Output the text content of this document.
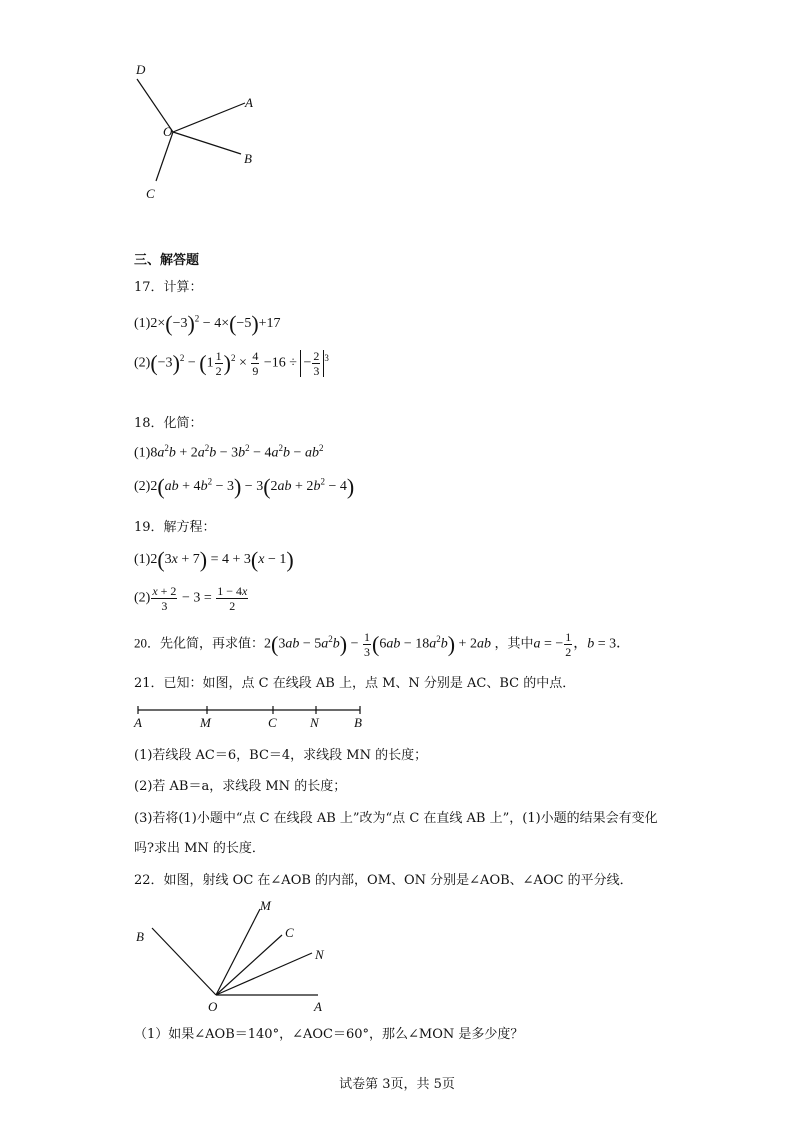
D
A
O
B
C
三、解答题
17．计算：
$(1)2\times(-3)^2 - 4\times(-5)+17$
$(2)(-3)^2 - (1 \frac{1}{2} )^2 \times \frac{4}{9} -16$ ÷ − $\frac{2}{3} ^3$
18．化简：
$(1)8a^2b + 2a^2b - 3b^2 - 4a^2b - ab^2$
$(2)2(ab + 4b^2 - 3) - 3(2ab + 2b^2 - 4)$
19．解方程：
(1)2(3x + 7) = 4 + 3(x − 1)
$(2) \frac{x + 2}{3} - 3 = \frac{1 - 4x}{2}$
20．先化简，再求值：$2(3ab - 5a^2b) - \frac{1}{3} (6ab - 18a^2b) + 2ab$ ，其中a = − $\frac{1}{2}$ ，b = 3．
21．已知：如图，点 C 在线段 AB 上，点 M、N 分别是 AC、BC 的中点．
A	M	C	N	B
(1)若线段 AC＝6，BC＝4，求线段 MN 的长度；
(2)若 AB＝a，求线段 MN 的长度；
(3)若将(1)小题中“点 C 在线段 AB 上”改为“点 C 在直线 AB 上”，(1)小题的结果会有变化
吗?求出 MN 的长度．
22．如图，射线 OC 在∠AOB 的内部，OM、ON 分别是∠AOB、∠AOC 的平分线．
B
M
C
N
O	A
（1）如果∠AOB＝140°，∠AOC＝60°，那么∠MON 是多少度？
试卷第 3页，共 5页
